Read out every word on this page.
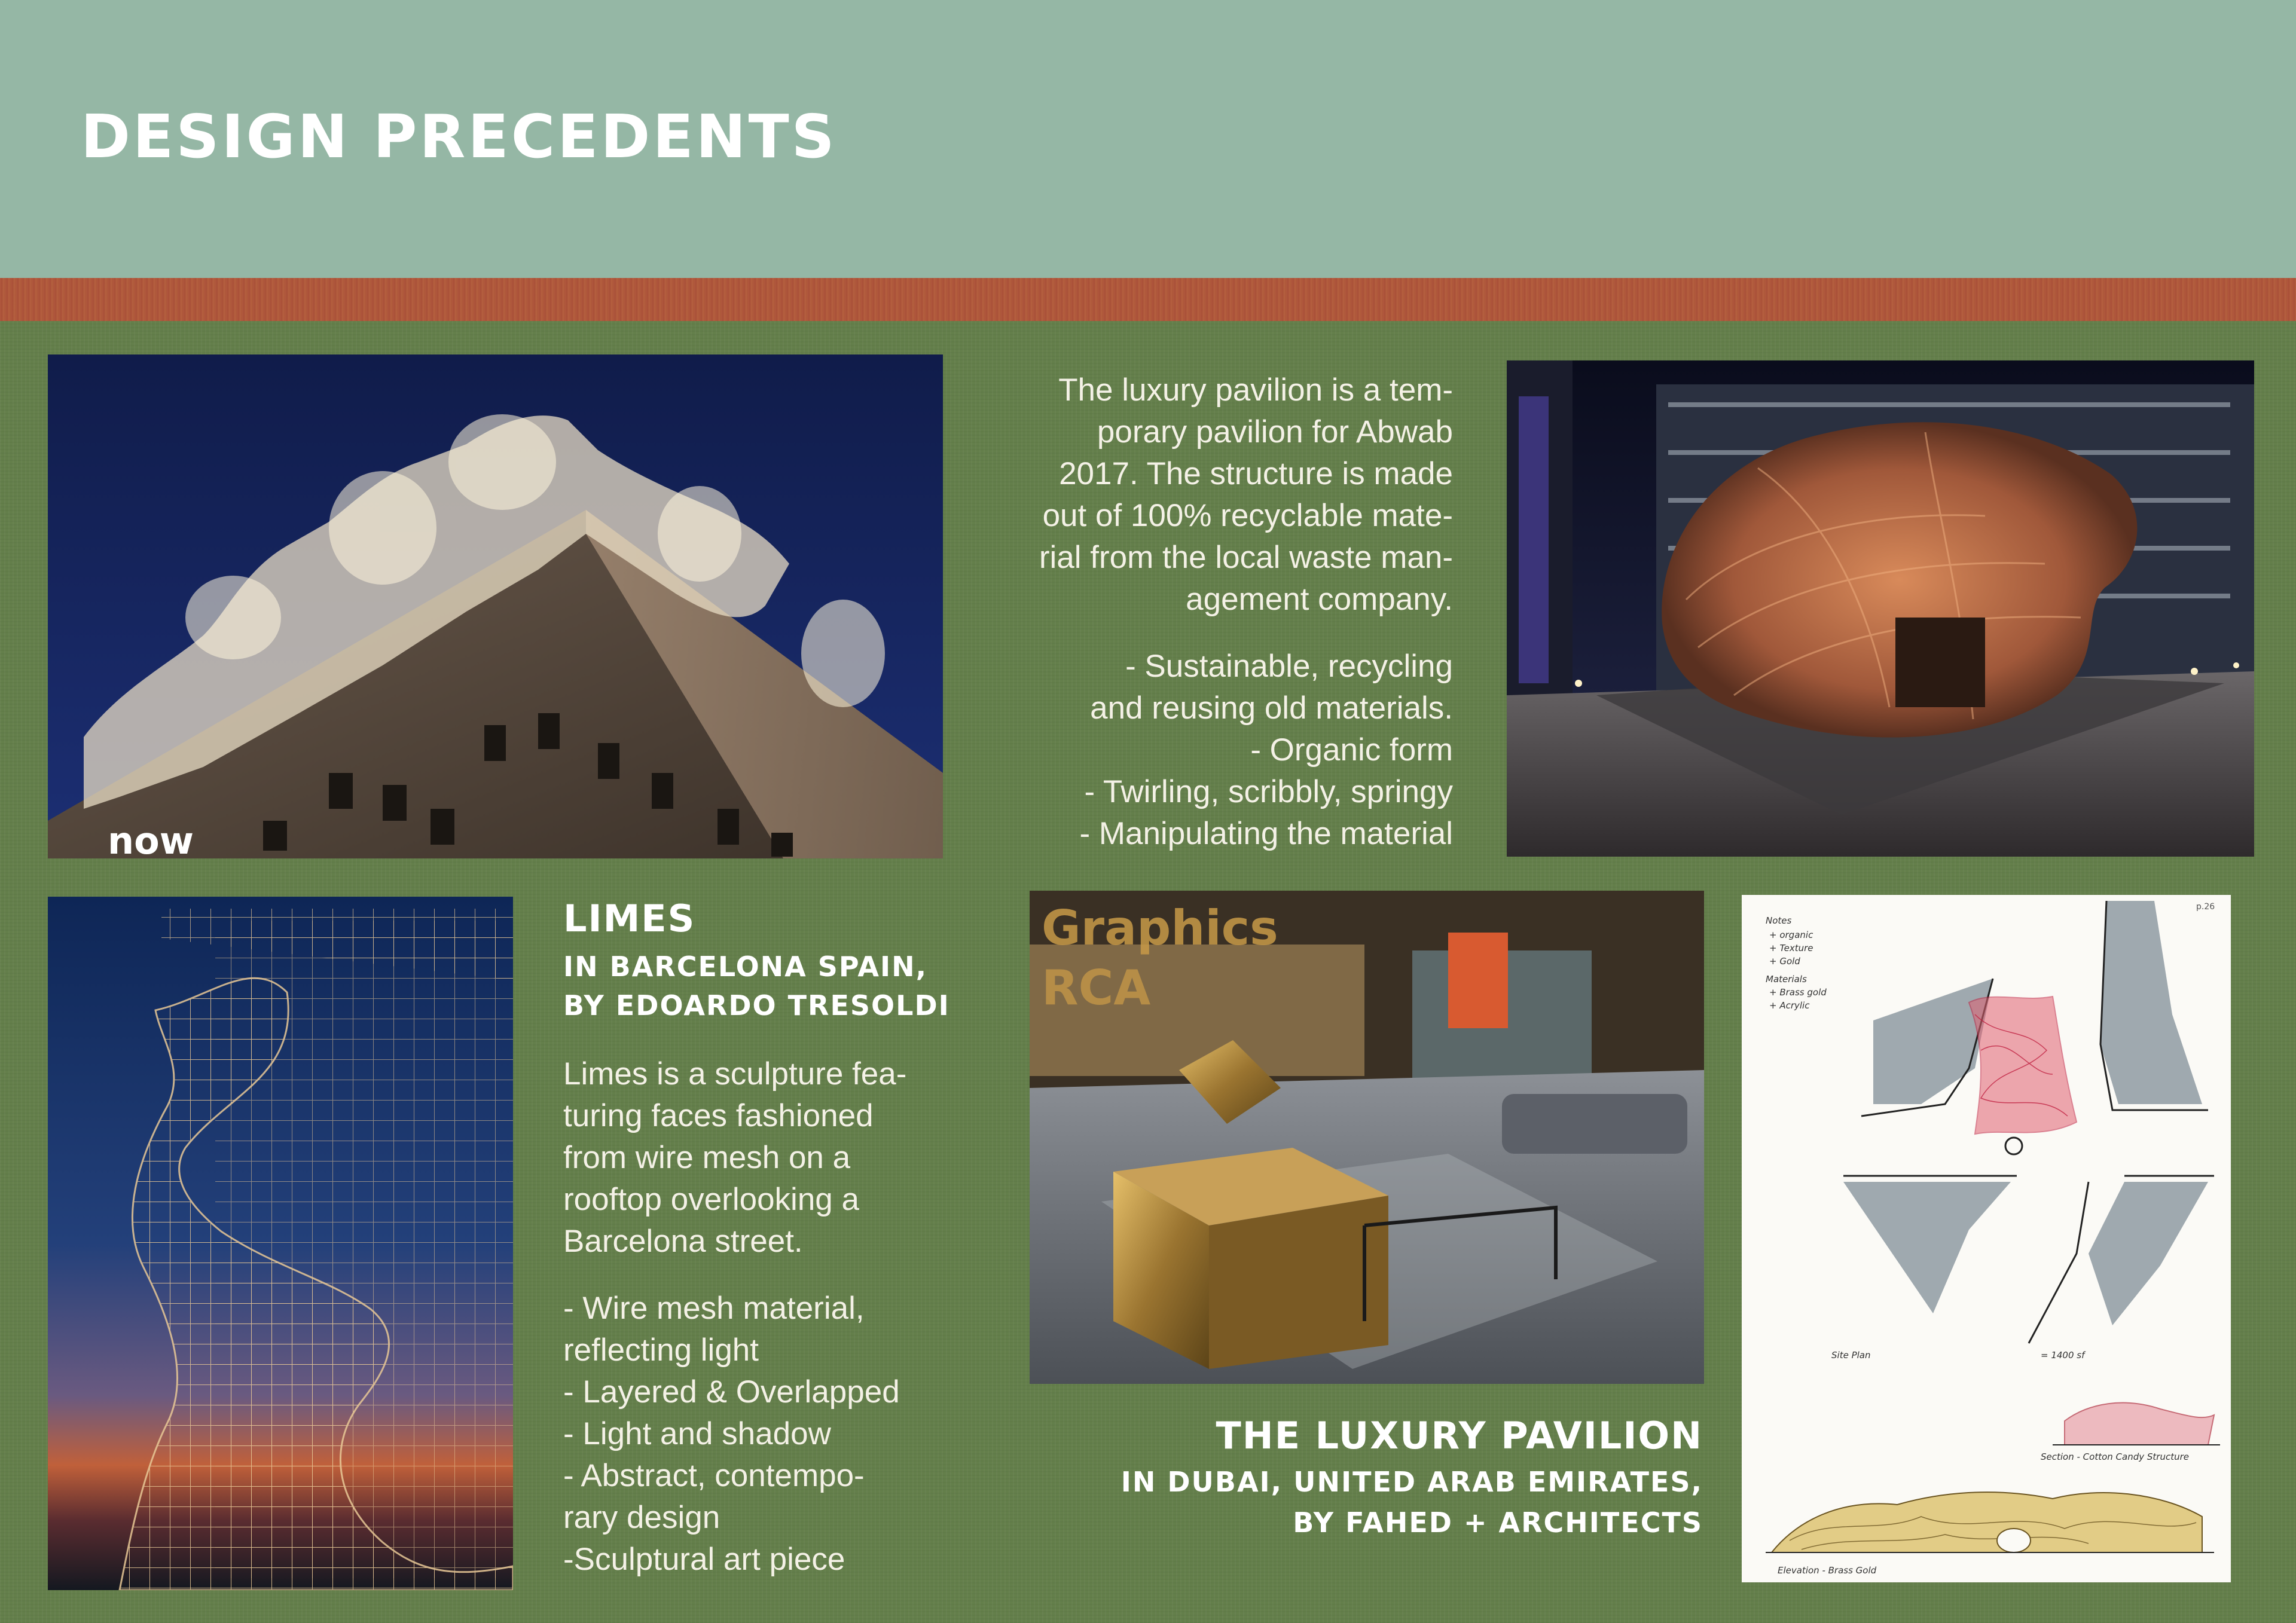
DESIGN PRECEDENTS
now

The luxury pavilion is a tem-

porary pavilion for Abwab

2017. The structure is made

out of 100% recyclable mate-

rial from the local waste man-

agement company.

- Sustainable, recycling

and reusing old materials.

- Organic form

- Twirling, scribbly, springy

- Manipulating the material

LIMES
IN BARCELONA SPAIN,
BY EDOARDO TRESOLDI

Limes is a sculpture fea-

turing faces fashioned

from wire mesh on a

rooftop overlooking a

Barcelona street.

- Wire mesh material,

reflecting light

- Layered & Overlapped

- Light and shadow

- Abstract, contempo-

rary design

-Sculptural art piece

Graphics
RCA
THE LUXURY PAVILION
IN DUBAI, UNITED ARAB EMIRATES,
BY FAHED + ARCHITECTS
p.26
Notes
+ organic
+ Texture
+ Gold
Materials
+ Brass gold
+ Acrylic
Site Plan	= 1400 sf
Section - Cotton Candy Structure
Elevation - Brass Gold
